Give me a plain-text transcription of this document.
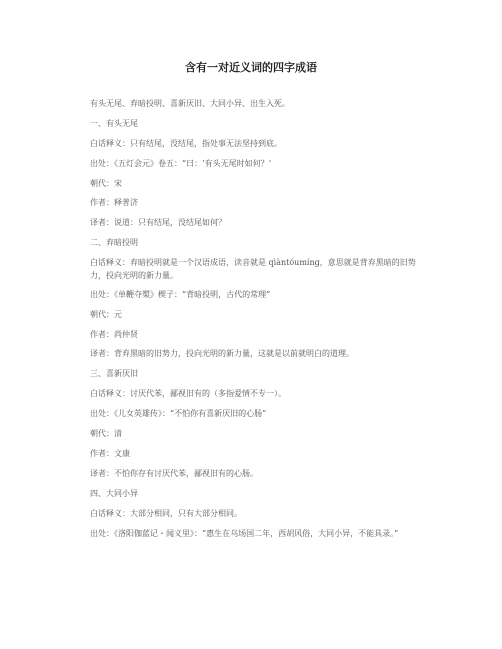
含有一对近义词的四字成语
有头无尾、弃暗投明、喜新厌旧、大同小异、出生入死。
一、有头无尾
白话释义：只有结尾，没结尾，指处事无法坚持到底。
出处：《五灯会元》卷五：“曰：‘有头无尾时如何？’
朝代：宋
作者：释普济
译者：说道：只有结尾，没结尾如何？
二、弃暗投明
白话释义：弃暗投明就是一个汉语成语，读音就是 qìàntóumíng，意思就是背弃黑暗的旧势力，投向光明的新力量。
出处：《单鞭夺槊》楔子：“背暗投明，古代的常理”
朝代：元
作者：尚仲贤
译者：背弃黑暗的旧势力，投向光明的新力量，这就是以前就明白的道理。
三、喜新厌旧
白话释义：讨厌代苯，鄙视旧有的（多指爱情不专一）。
出处：《儿女英雄传》：“不怕你有喜新厌旧的心肠”
朝代：清
作者：文康
译者：不怕你存有讨厌代苯，鄙视旧有的心肠。
四、大同小异
白话释义：大部分相同，只有大部分相同。
出处：《洛阳伽蓝记・闻义里》：“惠生在乌场国二年，西胡风俗，大同小异，不能具录。”
